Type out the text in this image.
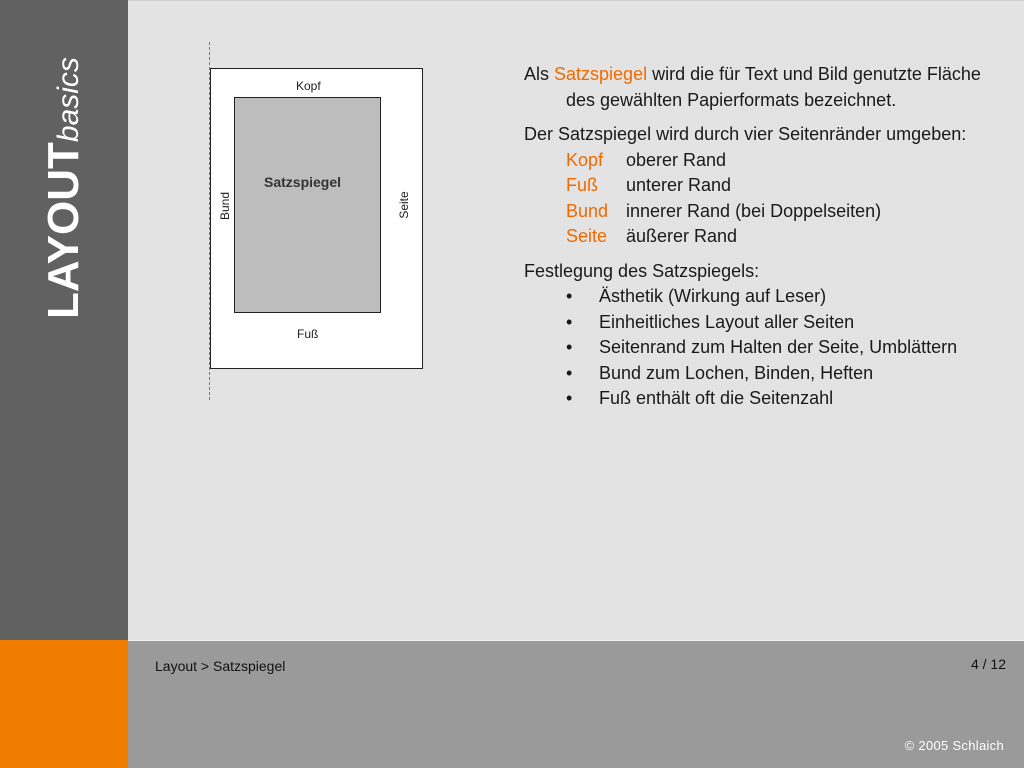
LAYOUTbasics	Kopf
Fuß
Satzspiegel
Bund	Seite
Als Satzspiegel wird die für Text und Bild genutzte Fläche des gewählten Papierformats bezeichnet.
Der Satzspiegel wird durch vier Seitenränder umgeben:
Kopf	oberer Rand
Fuß	unterer Rand
Bund innerer Rand (bei Doppelseiten)
Seite	äußerer Rand
Festlegung des Satzspiegels:
• Ästhetik (Wirkung auf Leser)
• Einheitliches Layout aller Seiten
• Seitenrand zum Halten der Seite, Umblättern
• Bund zum Lochen, Binden, Heften
• Fuß enthält oft die Seitenzahl
Layout > Satzspiegel	4 / 12
© 2005 Schlaich
